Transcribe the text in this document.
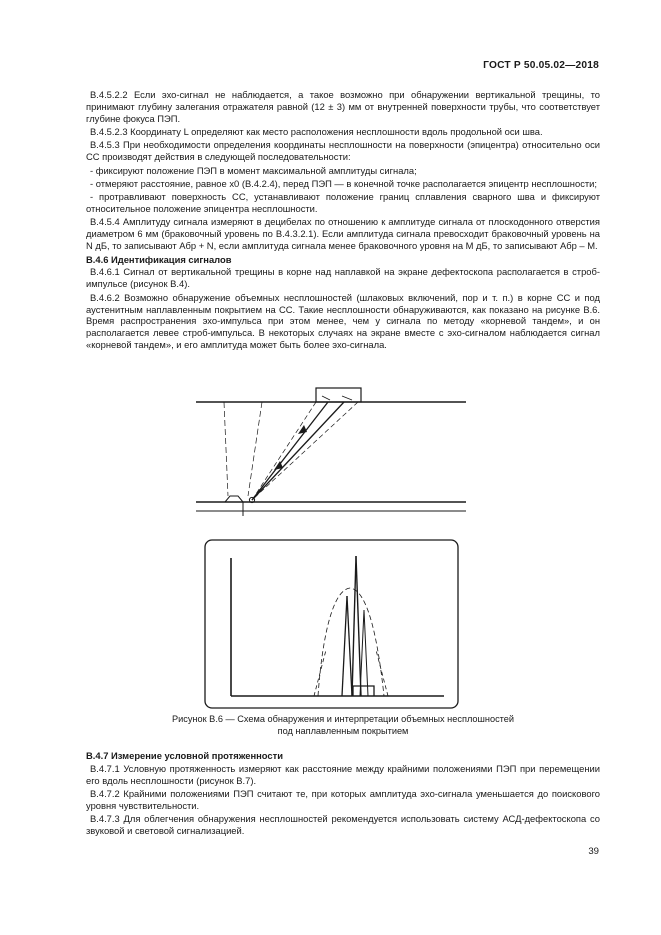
ГОСТ Р 50.05.02—2018

В.4.5.2.2 Если эхо-сигнал не наблюдается, а такое возможно при обнаружении вертикальной трещины, то принимают глубину залегания отражателя равной (12 ± 3) мм от внутренней поверхности трубы, что соответствует глубине фокуса ПЭП.

В.4.5.2.3 Координату L определяют как место расположения несплошности вдоль продольной оси шва.

В.4.5.3 При необходимости определения координаты несплошности на поверхности (эпицентра) относительно оси СС производят действия в следующей последовательности:

- фиксируют положение ПЭП в момент максимальной амплитуды сигнала;

- отмеряют расстояние, равное x0 (В.4.2.4), перед ПЭП — в конечной точке располагается эпицентр несплошности;

- протравливают поверхность СС, устанавливают положение границ сплавления сварного шва и фиксируют относительное положение эпицентра несплошности.

В.4.5.4 Амплитуду сигнала измеряют в децибелах по отношению к амплитуде сигнала от плоскодонного отверстия диаметром 6 мм (браковочный уровень по В.4.3.2.1). Если амплитуда сигнала превосходит браковочный уровень на N дБ, то записывают Aбр + N, если амплитуда сигнала менее браковочного уровня на M дБ, то записывают Aбр – M.

В.4.6 Идентификация сигналов

В.4.6.1 Сигнал от вертикальной трещины в корне над наплавкой на экране дефектоскопа располагается в строб-импульсе (рисунок В.4).

В.4.6.2 Возможно обнаружение объемных несплошностей (шлаковых включений, пор и т. п.) в корне СС и под аустенитным наплавленным покрытием на СС. Такие несплошности обнаруживаются, как показано на рисунке В.6. Время распространения эхо-импульса при этом менее, чем у сигнала по методу «корневой тандем», и он располагается левее строб-импульса. В некоторых случаях на экране вместе с эхо-сигналом наблюдается сигнал «корневой тандем», и его амплитуда может быть более эхо-сигнала.

Рисунок В.6 — Схема обнаружения и интерпретации объемных несплошностей
под наплавленным покрытием

В.4.7 Измерение условной протяженности

В.4.7.1 Условную протяженность измеряют как расстояние между крайними положениями ПЭП при перемещении его вдоль несплошности (рисунок В.7).

В.4.7.2 Крайними положениями ПЭП считают те, при которых амплитуда эхо-сигнала уменьшается до поискового уровня чувствительности.

В.4.7.3 Для облегчения обнаружения несплошностей рекомендуется использовать систему АСД-дефектоскопа со звуковой и световой сигнализацией.

39
